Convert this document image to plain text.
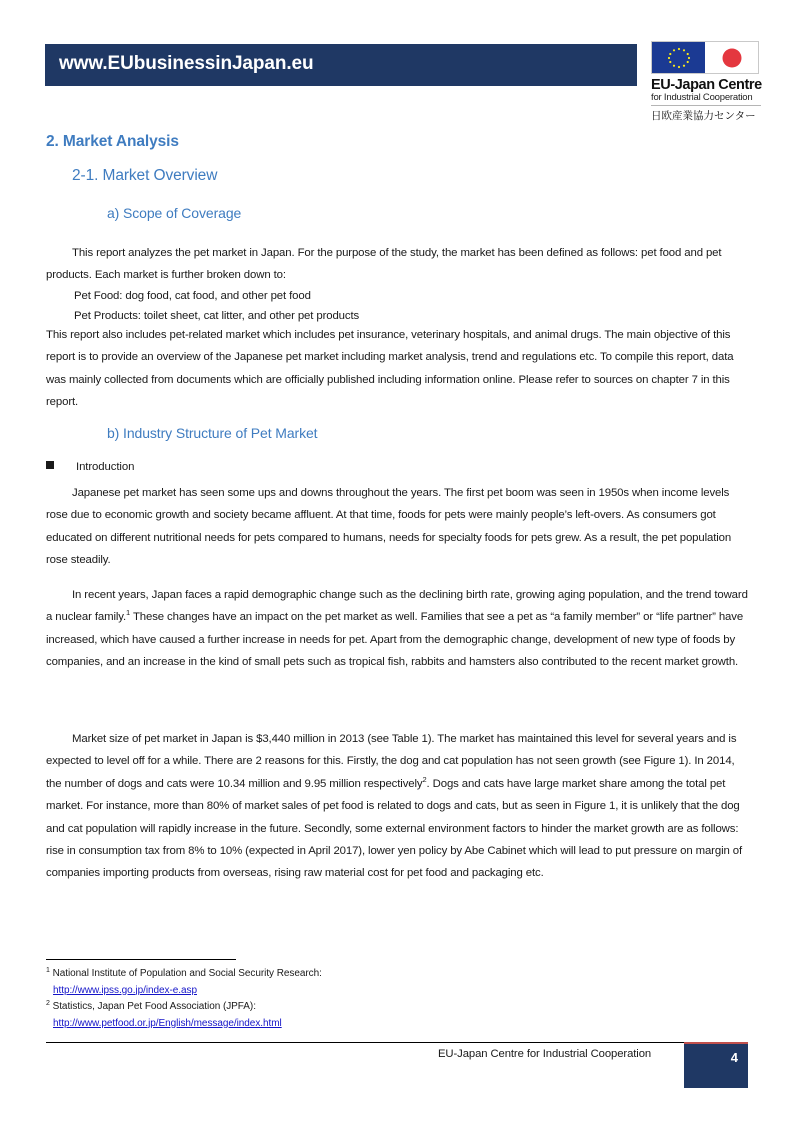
www.EUbusinessinJapan.eu
EU-Japan Centre
for Industrial Cooperation
日欧産業協力センター
2. Market Analysis
2-1. Market Overview
a) Scope of Coverage
This report analyzes the pet market in Japan. For the purpose of the study, the market has been defined as follows: pet food and pet products. Each market is further broken down to:
Pet Food: dog food, cat food, and other pet food
Pet Products: toilet sheet, cat litter, and other pet products
This report also includes pet-related market which includes pet insurance, veterinary hospitals, and animal drugs. The main objective of this report is to provide an overview of the Japanese pet market including market analysis, trend and regulations etc. To compile this report, data was mainly collected from documents which are officially published including information online. Please refer to sources on chapter 7 in this report.
b) Industry Structure of Pet Market
Introduction
Japanese pet market has seen some ups and downs throughout the years. The first pet boom was seen in 1950s when income levels rose due to economic growth and society became affluent. At that time, foods for pets were mainly people’s left-overs. As consumers got educated on different nutritional needs for pets compared to humans, needs for specialty foods for pets grew. As a result, the pet population rose steadily.
In recent years, Japan faces a rapid demographic change such as the declining birth rate, growing aging population, and the trend toward a nuclear family.$^1$ These changes have an impact on the pet market as well. Families that see a pet as “a family member” or “life partner” have increased, which have caused a further increase in needs for pet. Apart from the demographic change, development of new type of foods by companies, and an increase in the kind of small pets such as tropical fish, rabbits and hamsters also contributed to the recent market growth.
Market size of pet market in Japan is $3,440 million in 2013 (see Table 1). The market has maintained this level for several years and is expected to level off for a while. There are 2 reasons for this. Firstly, the dog and cat population has not seen growth (see Figure 1). In 2014, the number of dogs and cats were 10.34 million and 9.95 million respectively$^2$. Dogs and cats have large market share among the total pet market. For instance, more than 80% of market sales of pet food is related to dogs and cats, but as seen in Figure 1, it is unlikely that the dog and cat population will rapidly increase in the future. Secondly, some external environment factors to hinder the market growth are as follows: rise in consumption tax from 8% to 10% (expected in April 2017), lower yen policy by Abe Cabinet which will lead to put pressure on margin of companies importing products from overseas, rising raw material cost for pet food and packaging etc.
$^1$ National Institute of Population and Social Security Research:
http://www.ipss.go.jp/index-e.asp
$^2$ Statistics, Japan Pet Food Association (JPFA):
http://www.petfood.or.jp/English/message/index.html
EU-Japan Centre for Industrial Cooperation	4
